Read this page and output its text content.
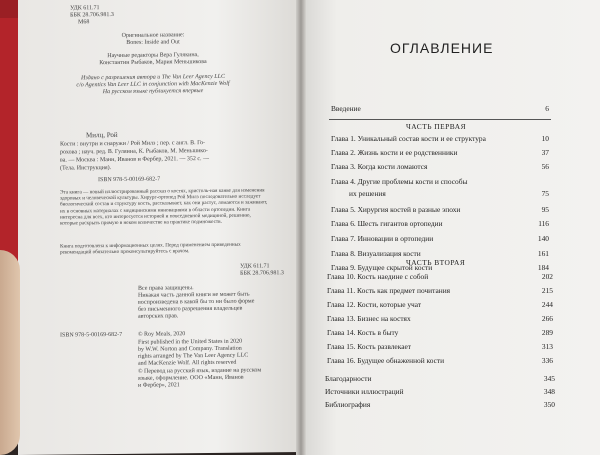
УДК 611.71
ББК 28.706.981.3
М68
Оригинальное название:
Bones: Inside and Out
Научные редакторы Вера Гулякина,
Константин Рыбаков, Мария Меньшикова
Издано с разрешения автора и The Van Leer Agency LLC
c/o Agentics Van Leer LLC in conjunction with MacKenzie Wolf
На русском языке публикуется впервые
Милц, Рой
Кости : внутри и снаружи / Рой Милз ; пер. с англ. В. Го-
рохова ; науч. ред. В. Гуляина, К. Рыбаков, М. Меньшико-
ва. — Москва : Манн, Иванов и Фербер, 2021. — 352 с. —
(Тела. Инструкция).
ISBN 978-5-00169-682-7
Эта книга — новый иллюстрированный рассказ о костях, кристоль-ная канве для изменения здоровых и человеческой культуры. Хирург-ортопед Рой Милз последовательно исследует биологический состав и структуру кость, рассказывает, как они растут, ломаются и заживают, их в основных материалах с медицинскими инновациями в области ортопедии. Книга интересна для всех, кто интересуется историей и повседневной медициной, решению, которые раскрыть прямую в неком количестве на практике подмножеств.
Книга подготовлена к информационных целях. Перед применением приведенных рекомендаций обязательно проконсультируйтесь с врачом.
УДК 611.71
ББК 28.706.981.3
Все права защищены.
Никакая часть данной книги не может быть
воспроизведена в какой бы то ни было форме
без письменного разрешения владельцев
авторских прав.
ISBN 978-5-00169-682-7	© Roy Meals, 2020
First published in the United States in 2020
by W.W. Norton and Company. Translation
rights arranged by The Van Leer Agency LLC
and MacKenzie Wolf. All rights reserved
© Перевод на русский язык, издание на русском
языке, оформление. ООО «Манн, Иванов
и Фербер», 2021
ОГЛАВЛЕНИЕ
Введение	6
ЧАСТЬ ПЕРВАЯ
Глава 1. Уникальный состав кости и ее структура	10
Глава 2. Жизнь кости и ее родственники	37
Глава 3. Когда кости ломаются	56
Глава 4. Другие проблемы кости и способы
их решения	75
Глава 5. Хирургия костей в разные эпохи	95
Глава 6. Шесть гигантов ортопедии	116
Глава 7. Инновации в ортопедии	140
Глава 8. Визуализация кости	161
Глава 9. Будущее скрытой кости	184
ЧАСТЬ ВТОРАЯ
Глава 10. Кость наедине с собой	202
Глава 11. Кость как предмет почитания	215
Глава 12. Кости, которые учат	244
Глава 13. Бизнес на костях	266
Глава 14. Кость в быту	289
Глава 15. Кость развлекает	313
Глава 16. Будущее обнаженной кости	336
Благодарности	345
Источники иллюстраций	348
Библиография	350
